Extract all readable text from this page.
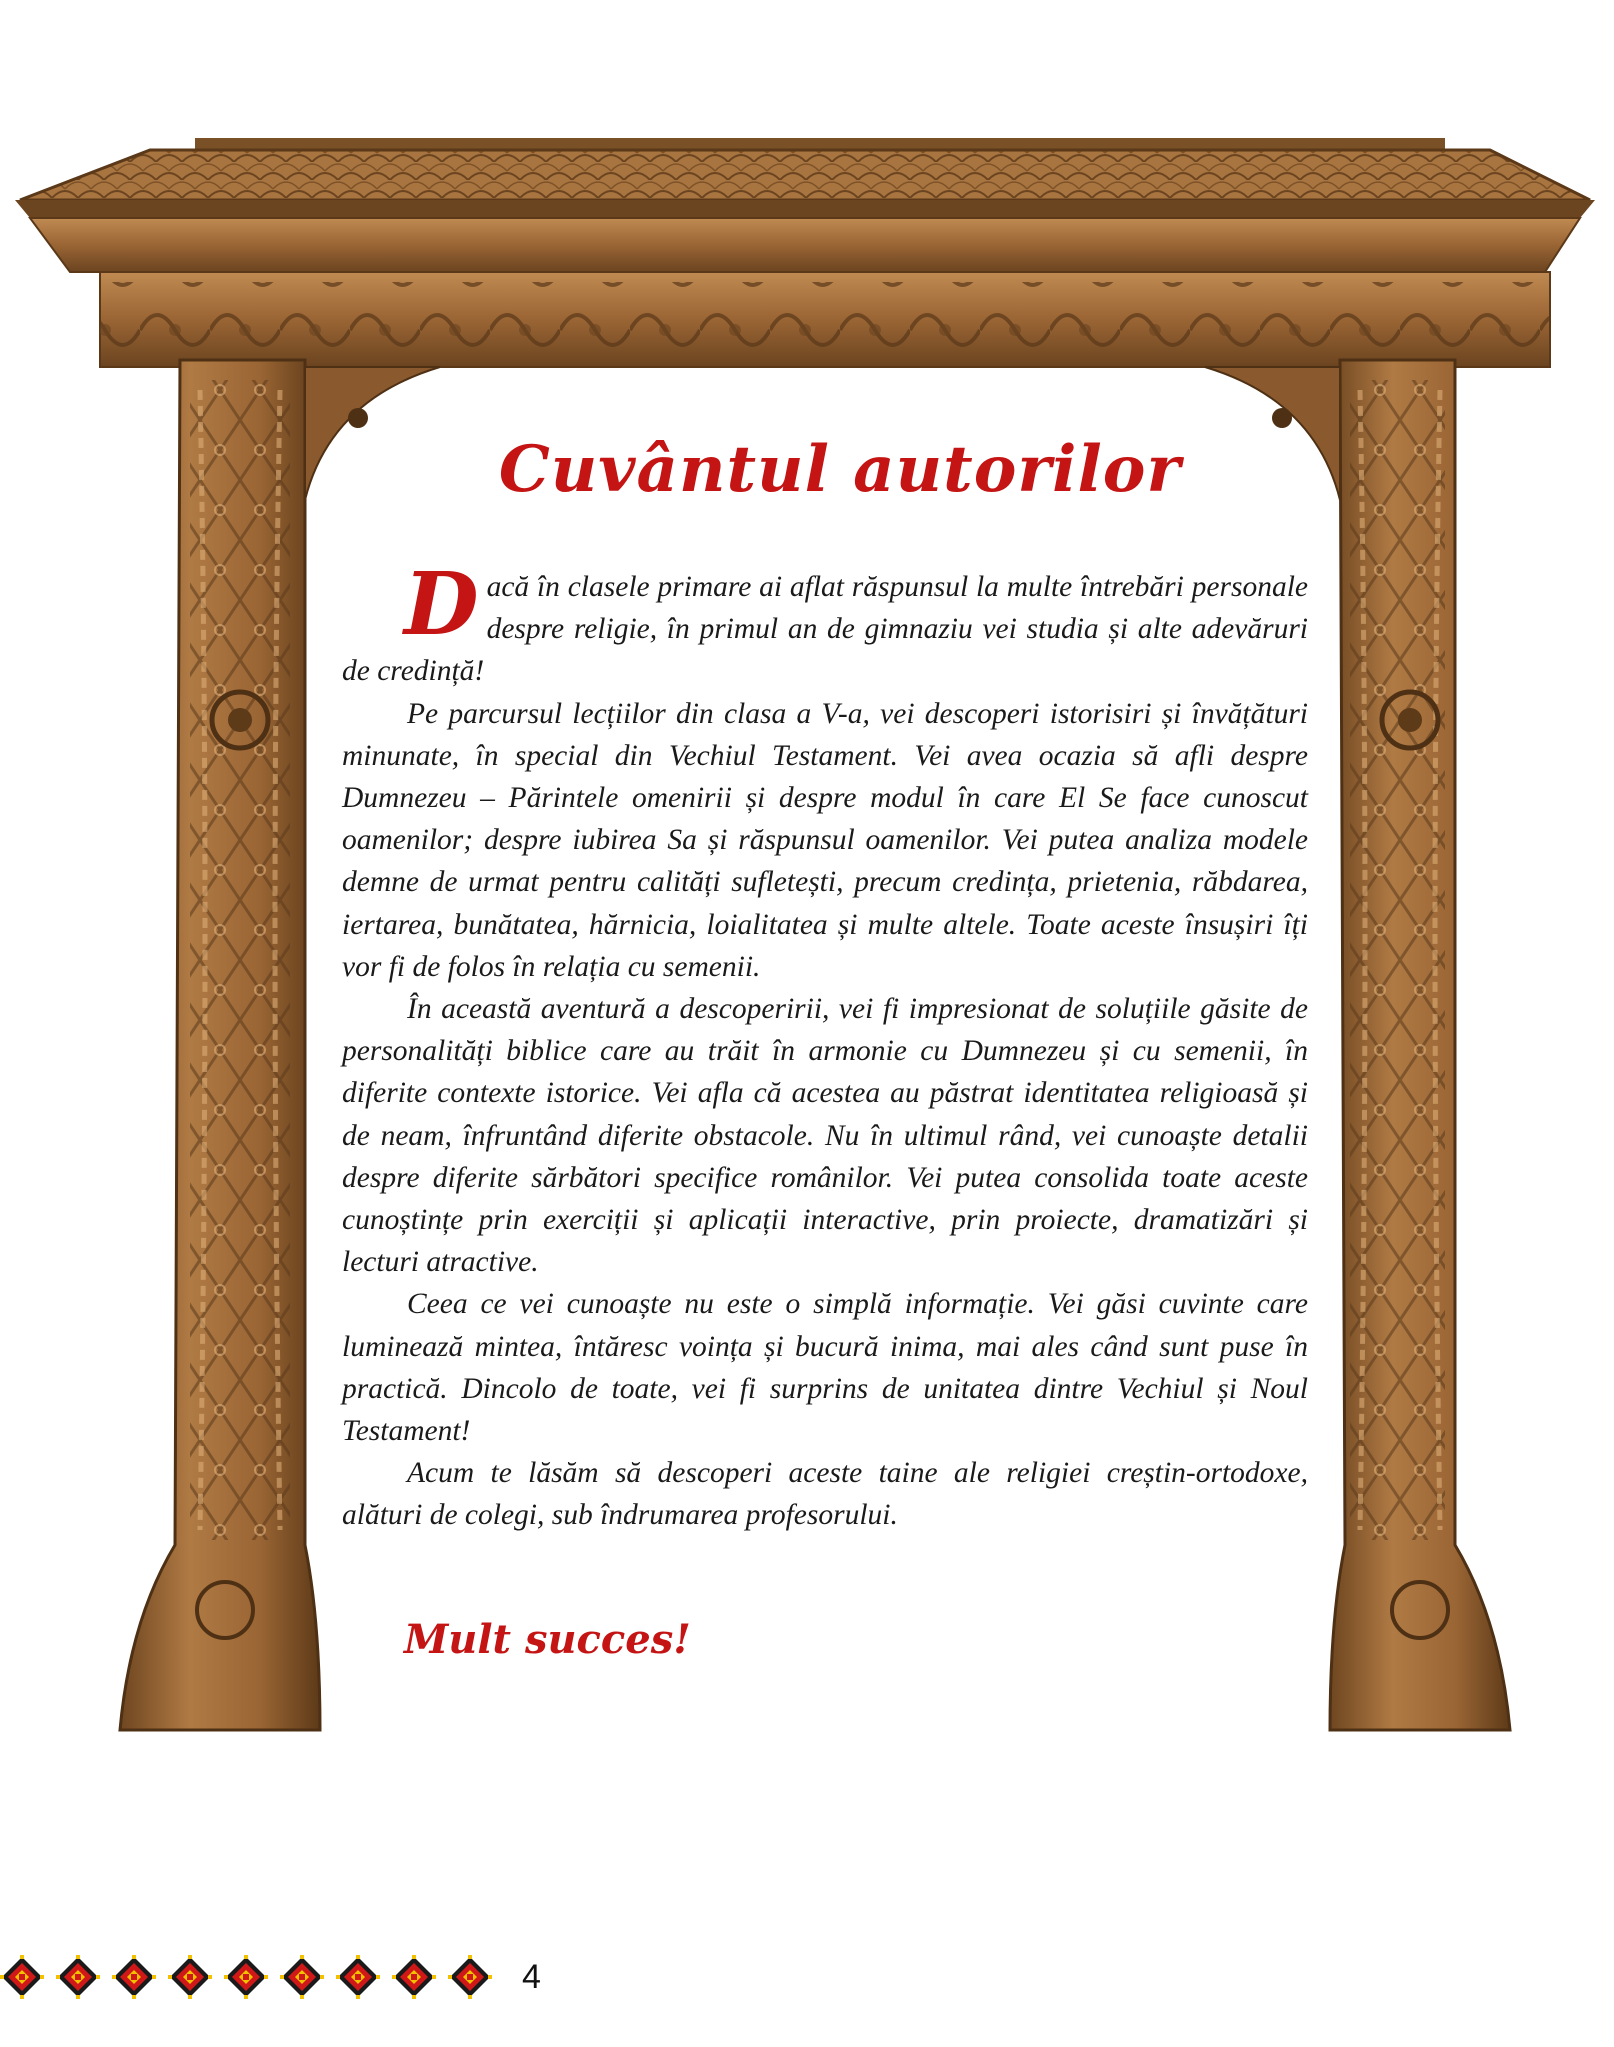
Cuvântul autorilor

Dacă în clasele primare ai aflat răspunsul la multe întrebări personale despre religie, în primul an de gimnaziu vei studia și alte adevăruri de credință!

Pe parcursul lecțiilor din clasa a V-a, vei descoperi istorisiri și învățături minunate, în special din Vechiul Testament. Vei avea ocazia să afli despre Dumnezeu – Părintele omenirii și despre modul în care El Se face cunoscut oamenilor; despre iubirea Sa și răspunsul oamenilor. Vei putea analiza modele demne de urmat pentru calități sufletești, precum credința, prietenia, răbdarea, iertarea, bunătatea, hărnicia, loialitatea și multe altele. Toate aceste însușiri îți vor fi de folos în relația cu semenii.

În această aventură a descoperirii, vei fi impresionat de soluțiile găsite de personalități biblice care au trăit în armonie cu Dumnezeu și cu semenii, în diferite contexte istorice. Vei afla că acestea au păstrat identitatea religioasă și de neam, înfruntând diferite obstacole. Nu în ultimul rând, vei cunoaște detalii despre diferite sărbători specifice românilor. Vei putea consolida toate aceste cunoștințe prin exerciții și aplicații interactive, prin proiecte, dramatizări și lecturi atractive.

Ceea ce vei cunoaște nu este o simplă informație. Vei găsi cuvinte care luminează mintea, întăresc voința și bucură inima, mai ales când sunt puse în practică. Dincolo de toate, vei fi surprins de unitatea dintre Vechiul și Noul Testament!

Acum te lăsăm să descoperi aceste taine ale religiei creștin-ortodoxe, alături de colegi, sub îndrumarea profesorului.

Mult succes!
4
